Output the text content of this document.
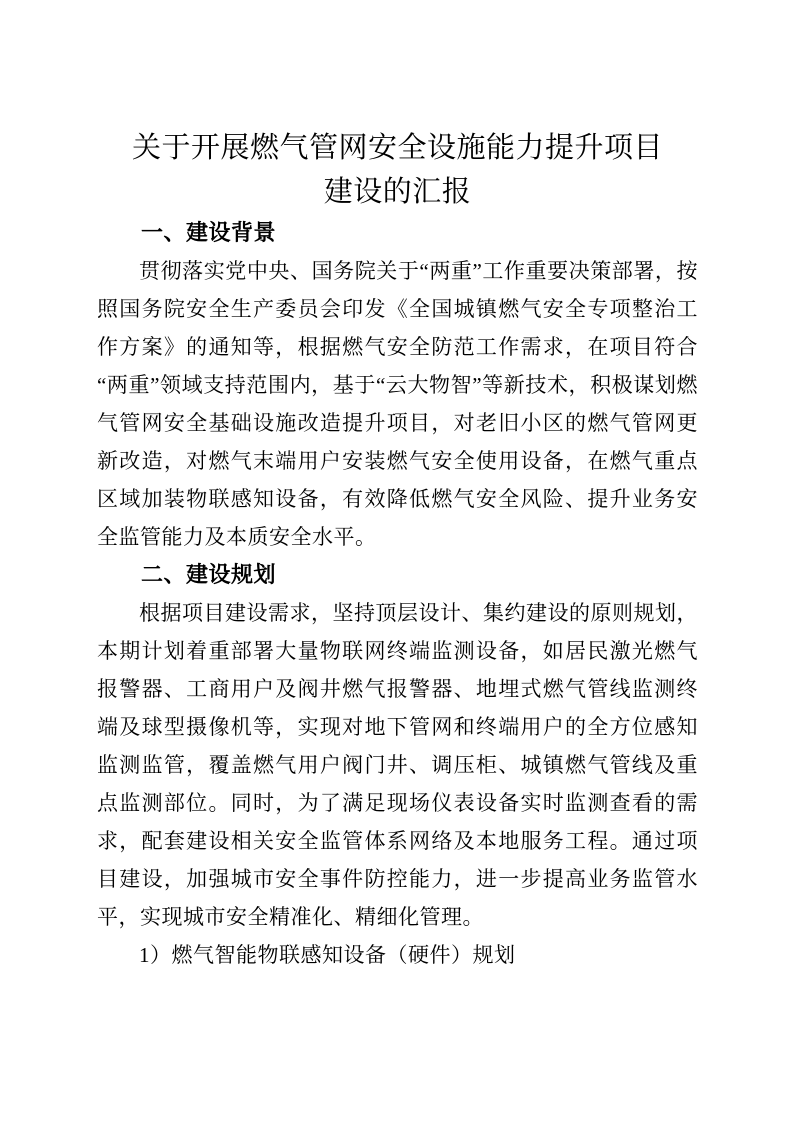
关于开展燃气管网安全设施能力提升项目
建设的汇报
一、建设背景

贯彻落实党中央、国务院关于“两重”工作重要决策部署，按照国务院安全生产委员会印发《全国城镇燃气安全专项整治工作方案》的通知等，根据燃气安全防范工作需求，在项目符合“两重”领域支持范围内，基于“云大物智”等新技术，积极谋划燃气管网安全基础设施改造提升项目，对老旧小区的燃气管网更新改造，对燃气末端用户安装燃气安全使用设备，在燃气重点区域加装物联感知设备，有效降低燃气安全风险、提升业务安全监管能力及本质安全水平。

二、建设规划

根据项目建设需求，坚持顶层设计、集约建设的原则规划，本期计划着重部署大量物联网终端监测设备，如居民激光燃气报警器、工商用户及阀井燃气报警器、地埋式燃气管线监测终端及球型摄像机等，实现对地下管网和终端用户的全方位感知监测监管，覆盖燃气用户阀门井、调压柜、城镇燃气管线及重点监测部位。同时，为了满足现场仪表设备实时监测查看的需求，配套建设相关安全监管体系网络及本地服务工程。通过项目建设，加强城市安全事件防控能力，进一步提高业务监管水平，实现城市安全精准化、精细化管理。

1）燃气智能物联感知设备（硬件）规划
